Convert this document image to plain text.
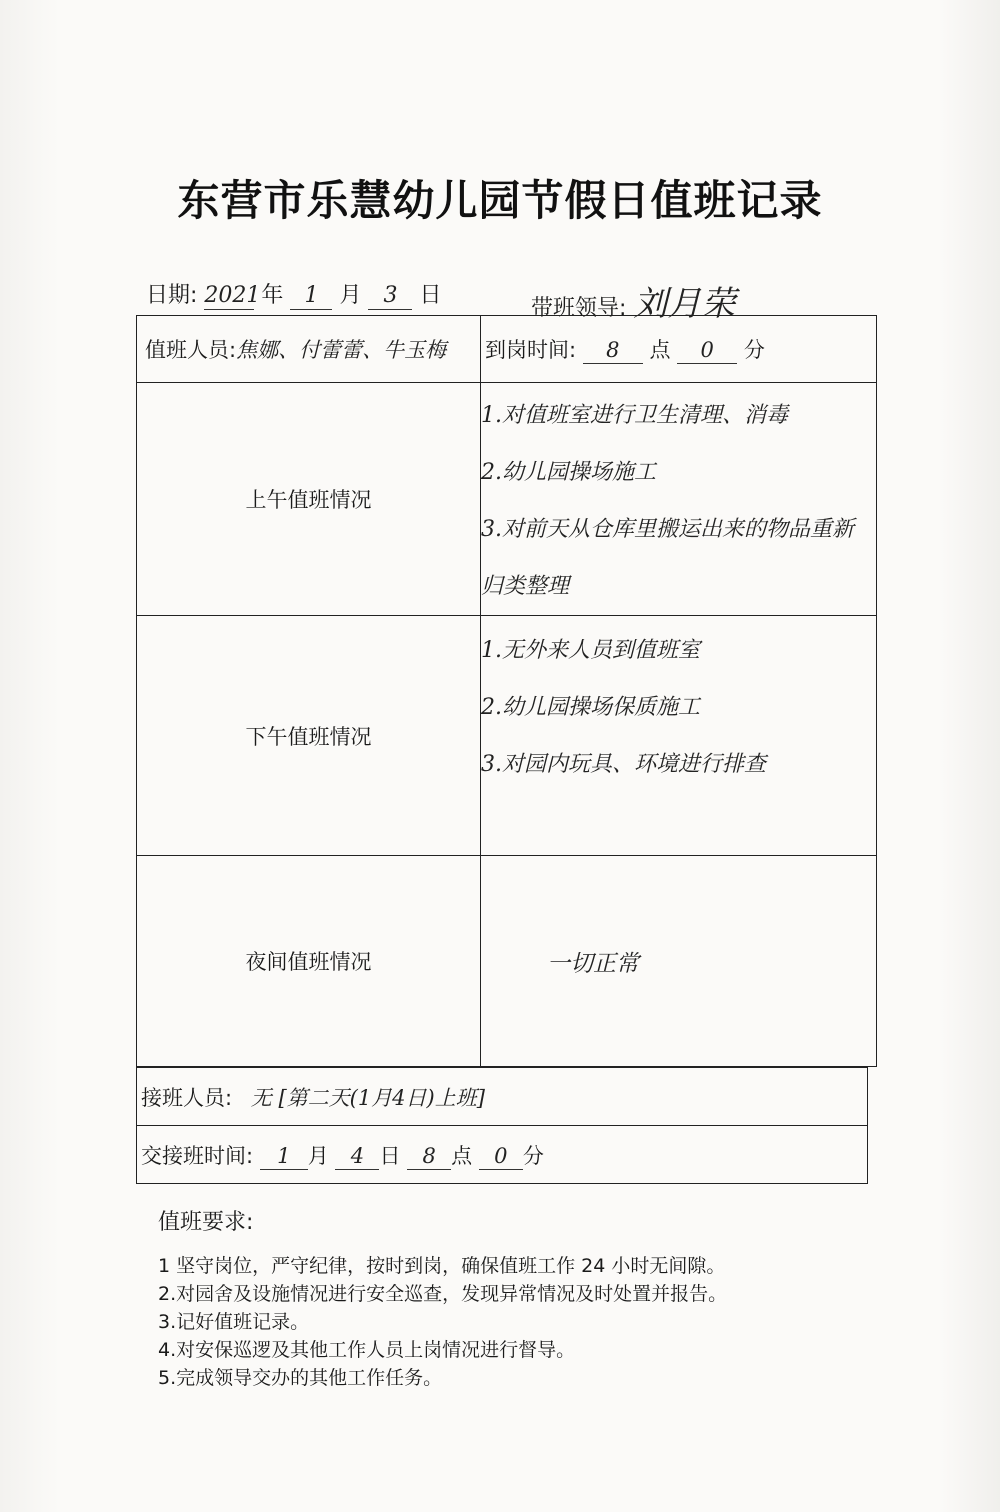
东营市乐慧幼儿园节假日值班记录
日期: 2021 年 1 月 3 日
带班领导: 刘月荣
值班人员:焦娜、付蕾蕾、牛玉梅	到岗时间: 8 点 0 分
上午值班情况	1.对值班室进行卫生清理、消毒
2.幼儿园操场施工
3.对前天从仓库里搬运出来的物品重新
归类整理

下午值班情况	1.无外来人员到值班室
2.幼儿园操场保质施工
3.对园内玩具、环境进行排查

夜间值班情况	一切正常
接班人员: 无 [第二天(1月4日)上班]
交接班时间: 1 月 4 日 8 点 0 分
值班要求:
1 坚守岗位，严守纪律，按时到岗，确保值班工作 24 小时无间隙。
2.对园舍及设施情况进行安全巡查，发现异常情况及时处置并报告。
3.记好值班记录。
4.对安保巡逻及其他工作人员上岗情况进行督导。
5.完成领导交办的其他工作任务。
